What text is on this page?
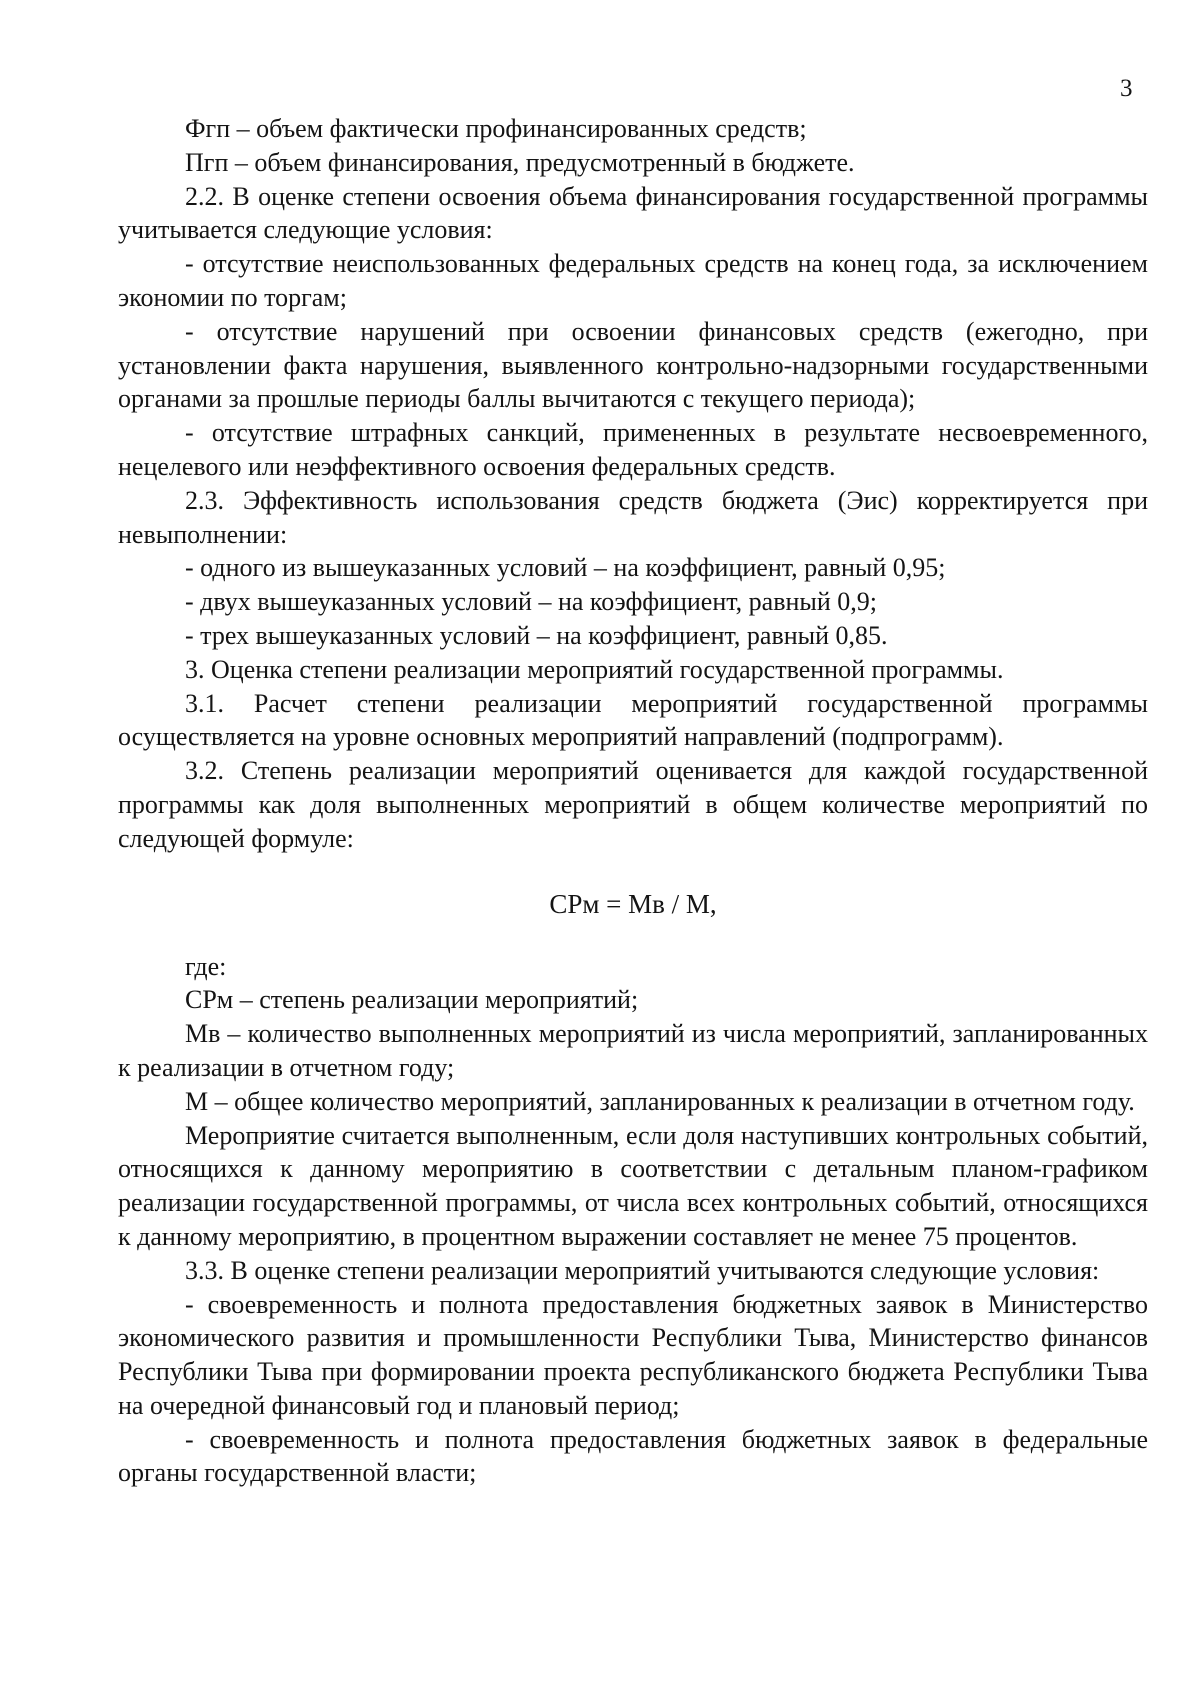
3

Фгп – объем фактически профинансированных средств;

Пгп – объем финансирования, предусмотренный в бюджете.

2.2. В оценке степени освоения объема финансирования государственной программы учитывается следующие условия:

- отсутствие неиспользованных федеральных средств на конец года, за исключением экономии по торгам;

- отсутствие нарушений при освоении финансовых средств (ежегодно, при установлении факта нарушения, выявленного контрольно-надзорными государственными органами за прошлые периоды баллы вычитаются с текущего периода);

- отсутствие штрафных санкций, примененных в результате несвоевременного, нецелевого или неэффективного освоения федеральных средств.

2.3. Эффективность использования средств бюджета (Эис) корректируется при невыполнении:

- одного из вышеуказанных условий – на коэффициент, равный 0,95;

- двух вышеуказанных условий – на коэффициент, равный 0,9;

- трех вышеуказанных условий – на коэффициент, равный 0,85.

3. Оценка степени реализации мероприятий государственной программы.

3.1. Расчет степени реализации мероприятий государственной программы осуществляется на уровне основных мероприятий направлений (подпрограмм).

3.2. Степень реализации мероприятий оценивается для каждой государственной программы как доля выполненных мероприятий в общем количестве мероприятий по следующей формуле:

СРм = Мв / М,

где:

СРм – степень реализации мероприятий;

Мв – количество выполненных мероприятий из числа мероприятий, запланированных к реализации в отчетном году;

М – общее количество мероприятий, запланированных к реализации в отчетном году.

Мероприятие считается выполненным, если доля наступивших контрольных событий, относящихся к данному мероприятию в соответствии с детальным планом-графиком реализации государственной программы, от числа всех контрольных событий, относящихся к данному мероприятию, в процентном выражении составляет не менее 75 процентов.

3.3. В оценке степени реализации мероприятий учитываются следующие условия:

- своевременность и полнота предоставления бюджетных заявок в Министерство экономического развития и промышленности Республики Тыва, Министерство финансов Республики Тыва при формировании проекта республиканского бюджета Республики Тыва на очередной финансовый год и плановый период;

- своевременность и полнота предоставления бюджетных заявок в федеральные органы государственной власти;
